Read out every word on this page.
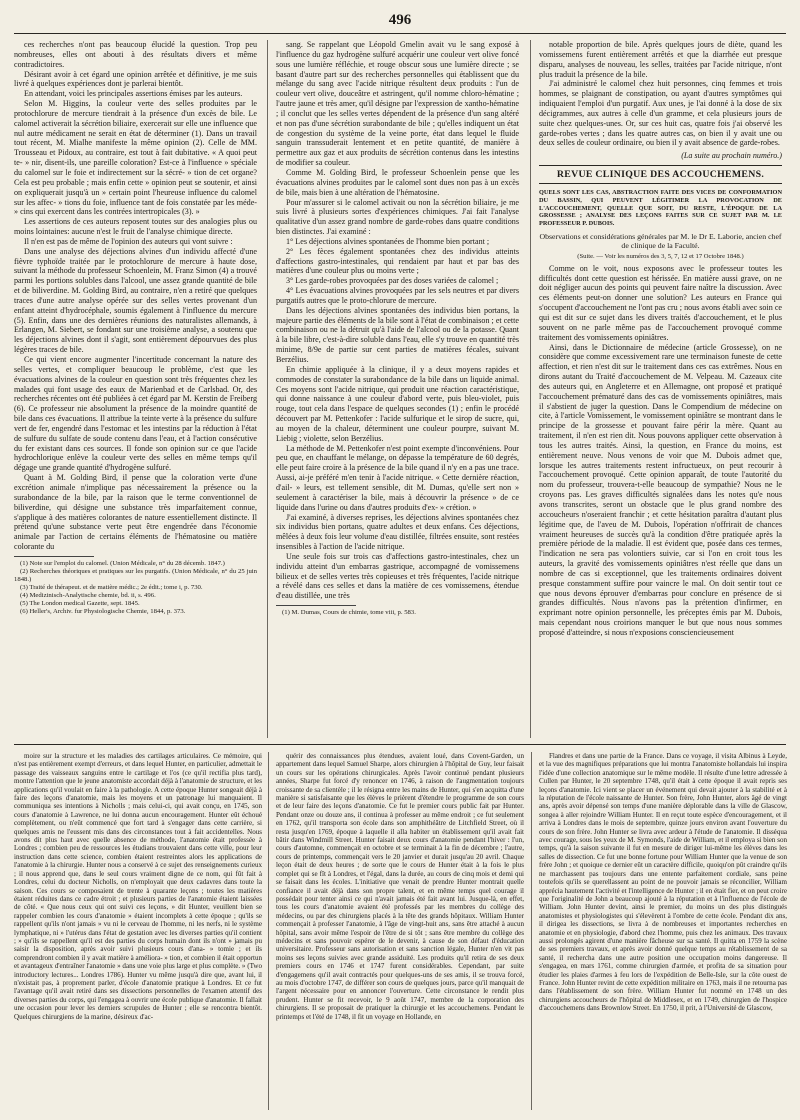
496

ces recherches n'ont pas beaucoup élucidé la question. Trop peu nombreuses, elles ont abouti à des résultats divers et même contradictoires.

Désirant avoir à cet égard une opinion arrêtée et définitive, je me suis livré à quelques expériences dont je parlerai bientôt.

En attendant, voici les principales assertions émises par les auteurs.

Selon M. Higgins, la couleur verte des selles produites par le protochlorure de mercure tiendrait à la présence d'un excès de bile. Le calomel activerait la sécrétion biliaire, exercerait sur elle une influence que nul autre médicament ne serait en état de déterminer (1). Dans un travail tout récent, M. Mialhe manifeste la même opinion (2). Celle de MM. Trousseau et Pidoux, au contraire, est tout à fait dubitative. « A quoi peut te- » nir, disent-ils, une pareille coloration? Est-ce à l'influence » spéciale du calomel sur le foie et indirectement sur la sécré- » tion de cet organe? Cela est peu probable ; mais enfin cette » opinion peut se soutenir, et ainsi on expliquerait jusqu'à un » certain point l'heureuse influence du calomel sur les affec- » tions du foie, influence tant de fois constatée par les méde- » cins qui exercent dans les contrées intertropicales (3). »

Les assertions de ces auteurs reposent toutes sur des analogies plus ou moins lointaines: aucune n'est le fruit de l'analyse chimique directe.

Il n'en est pas de même de l'opinion des auteurs qui vont suivre :

Dans une analyse des déjections alvines d'un individu affecté d'une fièvre typhoïde traitée par le protochlorure de mercure à haute dose, suivant la méthode du professeur Schoenlein, M. Franz Simon (4) a trouvé parmi les portions solubles dans l'alcool, une assez grande quantité de bile et de biliverdine. M. Golding Bird, au contraire, n'en a retiré que quelques traces d'une autre analyse opérée sur des selles vertes provenant d'un enfant atteint d'hydrocéphale, soumis également à l'influence du mercure (5). Enfin, dans une des dernières réunions des naturalistes allemands, à Erlangen, M. Siebert, se fondant sur une troisième analyse, a soutenu que les déjections alvines dont il s'agit, sont entièrement dépourvues des plus légères traces de bile.

Ce qui vient encore augmenter l'incertitude concernant la nature des selles vertes, et compliquer beaucoup le problème, c'est que les évacuations alvines de la couleur en question sont très fréquentes chez les malades qui font usage des eaux de Marienbad et de Carlsbad. Or, des recherches récentes ont été publiées à cet égard par M. Kerstin de Freiberg (6). Ce professeur nie absolument la présence de la moindre quantité de bile dans ces évacuations. Il attribue la teinte verte à la présence du sulfure vert de fer, engendré dans l'estomac et les intestins par la réduction à l'état de sulfure du sulfate de soude contenu dans l'eau, et à l'action consécutive du fer existant dans ces sources. Il fonde son opinion sur ce que l'acide hydrochlorique enlève la couleur verte des selles en même temps qu'il dégage une grande quantité d'hydrogène sulfuré.

Quant à M. Golding Bird, il pense que la coloration verte d'une excrétion animale n'implique pas nécessairement la présence ou la surabondance de la bile, par la raison que le terme conventionnel de biliverdine, qui désigne une substance très imparfaitement connue, s'applique à des matières colorantes de nature essentiellement distincte. Il prétend qu'une substance verte peut être engendrée dans l'économie animale par l'action de certains éléments de l'hématosine ou matière colorante du

(1) Note sur l'emploi du calomel. (Union Médicale, n° du 28 décemb. 1847.)

(2) Recherches théoriques et pratiques sur les purgatifs. (Union Médicale, n° du 25 juin 1848.)

(3) Traité de thérapeut. et de matière médic.; 2e édit.; tome i, p. 730.

(4) Medizinisch-Analytische chemie, bd. ii, s. 496.

(5) The London medical Gazette, sept. 1845.

(6) Heller's, Archiv. fur Physiologische Chemie, 1844, p. 373.

sang. Se rappelant que Léopold Gmelin avait vu le sang exposé à l'influence du gaz hydrogène sulfuré acquérir une couleur vert olive foncé sous une lumière réfléchie, et rouge obscur sous une lumière directe ; se basant d'autre part sur des recherches personnelles qui établissent que du mélange du sang avec l'acide nitrique résultent deux produits : l'un de couleur vert olive, douceâtre et astringent, qu'il nomme chloro-hématine ; l'autre jaune et très amer, qu'il désigne par l'expression de xantho-hématine ; il conclut que les selles vertes dépendent de la présence d'un sang altéré et non pas d'une sécrétion surabondante de bile ; qu'elles indiquent un état de congestion du système de la veine porte, état dans lequel le fluide sanguin transsuderait lentement et en petite quantité, de manière à permettre aux gaz et aux produits de sécrétion contenus dans les intestins de modifier sa couleur.

Comme M. Golding Bird, le professeur Schoenlein pense que les évacuations alvines produites par le calomel sont dues non pas à un excès de bile, mais bien à une altération de l'hématosine.

Pour m'assurer si le calomel activait ou non la sécrétion biliaire, je me suis livré à plusieurs sortes d'expériences chimiques. J'ai fait l'analyse qualitative d'un assez grand nombre de garde-robes dans quatre conditions bien distinctes. J'ai examiné :

1° Les déjections alvines spontanées de l'homme bien portant ;

2° Les fèces également spontanées chez des individus atteints d'affections gastro-intestinales, qui rendaient par haut et par bas des matières d'une couleur plus ou moins verte ;

3° Les garde-robes provoquées par des doses variées de calomel ;

4° Les évacuations alvines provoquées par les sels neutres et par divers purgatifs autres que le proto-chlorure de mercure.

Dans les déjections alvines spontanées des individus bien portans, la majeure partie des éléments de la bile sont à l'état de combinaison ; et cette combinaison ou ne la détruit qu'à l'aide de l'alcool ou de la potasse. Quant à la bile libre, c'est-à-dire soluble dans l'eau, elle s'y trouve en quantité très minime, 8/9e de partie sur cent parties de matières fécales, suivant Berzélius.

En chimie appliquée à la clinique, il y a deux moyens rapides et commodes de constater la surabondance de la bile dans un liquide animal. Ces moyens sont l'acide nitrique, qui produit une réaction caractéristique, qui donne naissance à une couleur d'abord verte, puis bleu-violet, puis rouge, tout cela dans l'espace de quelques secondes (1) ; enfin le procédé découvert par M. Pettenkofer : l'acide sulfurique et le sirop de sucre, qui, au moyen de la chaleur, déterminent une couleur pourpre, suivant M. Liebig ; violette, selon Berzélius.

La méthode de M. Pettenkofer n'est point exempte d'inconvéniens. Pour peu que, en chauffant le mélange, on dépasse la température de 60 degrés, elle peut faire croire à la présence de la bile quand il n'y en a pas une trace. Aussi, ai-je préféré m'en tenir à l'acide nitrique. « Cette dernière réaction, d'ail- » leurs, est tellement sensible, dit M. Dumas, qu'elle sert non » seulement à caractériser la bile, mais à découvrir la présence » de ce liquide dans l'urine ou dans d'autres produits d'ex- » crétion. »

J'ai examiné, à diverses reprises, les déjections alvines spontanées chez six individus bien portans, quatre adultes et deux enfans. Ces déjections, mêlées à deux fois leur volume d'eau distillée, filtrées ensuite, sont restées insensibles à l'action de l'acide nitrique.

Une seule fois sur trois cas d'affections gastro-intestinales, chez un individu atteint d'un embarras gastrique, accompagné de vomissemens bilieux et de selles vertes très copieuses et très fréquentes, l'acide nitrique a révélé dans ces selles et dans la matière de ces vomissemens, étendue d'eau distillée, une très

(1) M. Dumas, Cours de chimie, tome viii, p. 583.

notable proportion de bile. Après quelques jours de diète, quand les vomissemens furent entièrement arrêtés et que la diarrhée eut presque disparu, analyses de nouveau, les selles, traitées par l'acide nitrique, n'ont plus traduit la présence de la bile.

J'ai administré le calomel chez huit personnes, cinq femmes et trois hommes, se plaignant de constipation, ou ayant d'autres symptômes qui indiquaient l'emploi d'un purgatif. Aux unes, je l'ai donné à la dose de six décigrammes, aux autres à celle d'un gramme, et cela plusieurs jours de suite chez quelques-unes. Or, sur ces huit cas, quatre fois j'ai observé les garde-robes vertes ; dans les quatre autres cas, on bien il y avait une ou deux selles de couleur ordinaire, ou bien il y avait absence de garde-robes.

(La suite au prochain numéro.)
REVUE CLINIQUE DES ACCOUCHEMENS.

QUELS SONT LES CAS, ABSTRACTION FAITE DES VICES DE CONFORMATION DU BASSIN, QUI PEUVENT LÉGITIMER LA PROVOCATION DE L'ACCOUCHEMENT, QUELLE QUE SOIT, DU RESTE, L'ÉPOQUE DE LA GROSSESSE ; ANALYSE DES LEÇONS FAITES SUR CE SUJET PAR M. LE PROFESSEUR P. DUBOIS.

Observations et considérations générales par M. le Dr E. Laborie, ancien chef de clinique de la Faculté.
(Suite. — Voir les numéros des 3, 5, 7, 12 et 17 Octobre 1848.)

Comme on le voit, nous exposons avec le professeur toutes les difficultés dont cette question est hérissée. En matière aussi grave, on ne doit négliger aucun des points qui peuvent faire naître la discussion. Avec ces éléments peut-on donner une solution? Les auteurs en France qui s'occupent d'accouchement ne l'ont pas cru ; nous avons établi avec soin ce qui est dit sur ce sujet dans les divers traités d'accouchement, et le plus souvent on ne parle même pas de l'accouchement provoqué comme traitement des vomissements opiniâtres.

Ainsi, dans le Dictionnaire de médecine (article Grossesse), on ne considère que comme excessivement rare une terminaison funeste de cette affection, et rien n'est dit sur le traitement dans ces cas extrêmes. Nous en dirons autant du Traité d'accouchement de M. Velpeau. M. Cazeaux cite des auteurs qui, en Angleterre et en Allemagne, ont proposé et pratiqué l'accouchement prématuré dans des cas de vomissements opiniâtres, mais il s'abstient de juger la question. Dans le Compendium de médecine on cite, à l'article Vomissement, le vomissement opiniâtre se montrant dans le principe de la grossesse et pouvant faire périr la mère. Quant au traitement, il n'en est rien dit. Nous pouvons appliquer cette observation à tous les autres traités. Ainsi, la question, en France du moins, est entièrement neuve. Nous venons de voir que M. Dubois admet que, lorsque les autres traitements restent infructueux, on peut recourir à l'accouchement provoqué. Cette opinion apparaît, de toute l'autorité du nom du professeur, trouvera-t-elle beaucoup de sympathie? Nous ne le croyons pas. Les graves difficultés signalées dans les notes qu'e nous avons transcrites, seront un obstacle que le plus grand nombre des accoucheurs n'oseraient franchir ; et cette hésitation paraîtra d'autant plus légitime que, de l'aveu de M. Dubois, l'opération n'offrirait de chances vraiment heureuses de succès qu'à la condition d'être pratiquée après la première période de la maladie. Il est évident que, posée dans ces termes, l'indication ne sera pas volontiers suivie, car si l'on en croit tous les auteurs, la gravité des vomissements opiniâtres n'est réelle que dans un nombre de cas si exceptionnel, que les traitements ordinaires doivent presque constamment suffire pour vaincre le mal. On doit sentir tout ce que nous devons éprouver d'embarras pour conclure en présence de si grandes difficultés. Nous n'avons pas la prétention d'infirmer, en exprimant notre opinion personnelle, les préceptes émis par M. Dubois, mais cependant nous croirions manquer le but que nous nous sommes proposé d'atteindre, si nous n'exposions consciencieusement

moire sur la structure et les maladies des cartilages articulaires. Ce mémoire, qui n'est pas entièrement exempt d'erreurs, et dans lequel Hunter, en particulier, admettait le passage des vaisseaux sanguins entre le cartilage et l'os (ce qu'il rectifia plus tard), montre l'attention que le jeune anatomiste accordait déjà à l'anatomie de structure, et les applications qu'il voulait en faire à la pathologie. A cette époque Hunter songeait déjà à faire des leçons d'anatomie, mais les moyens et un patronage lui manquaient. Il communiqua ses intentions à Nicholls ; mais celui-ci, qui avait conçu, en 1745, son cours d'anatomie à Lawrence, ne lui donna aucun encouragement. Hunter eût échoué complètement, ou n'eût commencé que fort tard à s'engager dans cette carrière, si quelques amis ne l'eussent mis dans des circonstances tout à fait accidentelles. Nous avons dit plus haut avec quelle absence de méthode, l'anatomie était professée à Londres ; combien peu de ressources les étudians trouvaient dans cette ville, pour leur instruction dans cette science, combien étaient restreintes alors les applications de l'anatomie à la chirurgie. Hunter nous a conservé à ce sujet des renseignements curieux ; il nous apprend que, dans le seul cours vraiment digne de ce nom, qui fût fait à Londres, celui du docteur Nicholls, on n'employait que deux cadavres dans toute la saison. Ces cours se composaient de trente à quarante leçons ; toutes les matières étaient réduites dans ce cadre étroit ; et plusieurs parties de l'anatomie étaient laissées de côté. « Que nous ceux qui ont suivi ces leçons, » dit Hunter, veuillent bien se rappeler combien les cours d'anatomie » étaient incomplets à cette époque ; qu'ils se rappellent qu'ils n'ont jamais » vu ni le cerveau de l'homme, ni les nerfs, ni le système lymphatique, ni » l'utérus dans l'état de gestation avec les diverses parties qu'il contient ; » qu'ils se rappellent qu'il est des parties du corps humain dont ils n'ont » jamais pu saisir la disposition, après avoir suivi plusieurs cours d'ana- » tomie ; et ils comprendront combien il y avait matière à améliora- » tion, et combien il était opportun et avantageux d'entraîner l'anatomie » dans une voie plus large et plus complète. » (Two introductory lectures... Londres 1786). Hunter vu même jusqu'à dire que, avant lui, il n'existait pas, à proprement parler, d'école d'anatomie pratique à Londres. Et ce fut l'avantage qu'il avait retiré dans ses dissections personnelles de l'examen attentif des diverses parties du corps, qui l'engagea à ouvrir une école publique d'anatomie. Il fallait une occasion pour lever les derniers scrupules de Hunter ; elle se rencontra bientôt. Quelques chirurgiens de la marine, désireux d'ac-

quérir des connaissances plus étendues, avaient loué, dans Covent-Garden, un appartement dans lequel Samuel Sharpe, alors chirurgien à l'hôpital de Guy, leur faisait un cours sur les opérations chirurgicales. Après l'avoir continué pendant plusieurs années, Sharpe fut forcé d'y renoncer en 1746, à raison de l'augmentation toujours croissante de sa clientèle ; il le résigna entre les mains de Hunter, qui s'en acquitta d'une manière si satisfaisante que les élèves le prièrent d'étendre le programme de son cours et de leur faire des leçons d'anatomie. Ce fut le premier cours public fait par Hunter. Pendant onze ou douze ans, il continua à professer au même endroit ; ce fut seulement en 1762, qu'il transporta son école dans son amphithéâtre de Litchfield Street, où il resta jusqu'en 1769, époque à laquelle il alla habiter un établissement qu'il avait fait bâtir dans Windmill Street. Hunter faisait deux cours d'anatomie pendant l'hiver : l'un, cours d'automne, commençait en octobre et se terminait à la fin de décembre ; l'autre, cours de printemps, commençait vers le 20 janvier et durait jusqu'au 20 avril. Chaque leçon était de deux heures ; de sorte que le cours de Hunter était à la fois le plus complet qui se fît à Londres, et l'égal, dans la durée, au cours de cinq mois et demi qui se faisait dans les écoles. L'initiative que venait de prendre Hunter montrait quelle confiance il avait déjà dans son propre talent, et en même temps quel courage il possédait pour tenter ainsi ce qui n'avait jamais été fait avant lui. Jusque-là, en effet, tous les cours d'anatomie avaient été professés par les membres du collège des médecins, ou par des chirurgiens placés à la tête des grands hôpitaux. William Hunter commençait à professer l'anatomie, à l'âge de vingt-huit ans, sans être attaché à aucun hôpital, sans avoir même l'espoir de l'être de si tôt ; sans être membre du collège des médecins et sans pouvoir espérer de le devenir, à cause de son défaut d'éducation universitaire. Professeur sans autorisation et sans sanction légale, Hunter n'en vit pas moins ses leçons suivies avec grande assiduité. Les produits qu'il retira de ses deux premiers cours en 1746 et 1747 furent considérables. Cependant, par suite d'engagemens qu'il avait contractés pour quelques-uns de ses amis, il se trouva forcé, au mois d'octobre 1747, de différer son cours de quelques jours, parce qu'il manquait de l'argent nécessaire pour en annoncer l'ouverture. Cette circonstance le rendit plus prudent. Hunter se fit recevoir, le 9 août 1747, membre de la corporation des chirurgiens. Il se proposait de pratiquer la chirurgie et les accouchemens. Pendant le printemps et l'été de 1748, il fit un voyage en Hollande, en

Flandres et dans une partie de la France. Dans ce voyage, il visita Albinus à Leyde, et la vue des magnifiques préparations que lui montra l'anatomiste hollandais lui inspira l'idée d'une collection anatomique sur le même modèle. Il résulte d'une lettre adressée à Cullen par Hunter, le 20 septembre 1748, qu'il était à cette époque il avait repris ses leçons d'anatomie. Ici vient se placer un événement qui devait ajouter à la stabilité et à la réputation de l'école naissante de Hunter. Son frère, John Hunter, alors âgé de vingt ans, après avoir dépensé son temps d'une manière déplorable dans la ville de Glascow, songea à aller rejoindre William Hunter. Il en reçut toute espèce d'encouragement, et il arriva à Londres dans le mois de septembre, quinze jours environ avant l'ouverture du cours de son frère. John Hunter se livra avec ardeur à l'étude de l'anatomie. Il disséqua avec courage, sous les yeux de M. Symonds, l'aide de William, et il employa si bien son temps, qu'à la saison suivante il fut en mesure de diriger lui-même les élèves dans les salles de dissection. Ce fut une bonne fortune pour William Hunter que la venue de son frère John ; et quoique ce dernier eût un caractère difficile, quoiqu'on pût craindre qu'ils ne marchassent pas toujours dans une entente parfaitement cordiale, sans peine toutefois qu'ils se querellassent au point de ne pouvoir jamais se réconcilier, William apprécia hautement l'activité et l'intelligence de Hunter ; il en était fier, et on peut croire que l'originalité de John a beaucoup ajouté à la réputation et à l'influence de l'école de William. John Hunter devint, ainsi le premier, du moins un des plus distingués anatomistes et physiologistes qui s'élevèrent à l'ombre de cette école. Pendant dix ans, il dirigea les dissections, se livra à de nombreuses et importantes recherches en anatomie et en physiologie, d'abord chez l'homme, puis chez les animaux. Des travaux aussi prolongés agirent d'une manière fâcheuse sur sa santé. Il quitta en 1759 la scène de ses premiers travaux, et après avoir donné quelque temps au rétablissement de sa santé, il rechercha dans une autre position une occupation moins dangereuse. Il s'engagea, en mars 1761, comme chirurgien d'armée, et profita de sa situation pour étudier les plaies d'armes à feu lors de l'expédition de Belle-Isle, sur la côte ouest de France. John Hunter revint de cette expédition militaire en 1763, mais il ne retourna pas dans l'établissement de son frère. William Hunter fut nommé en 1748 un des chirurgiens accoucheurs de l'hôpital de Middlesex, et en 1749, chirurgien de l'hospice d'accouchemens dans Brownlow Street. En 1750, il prit, à l'Université de Glascow,
